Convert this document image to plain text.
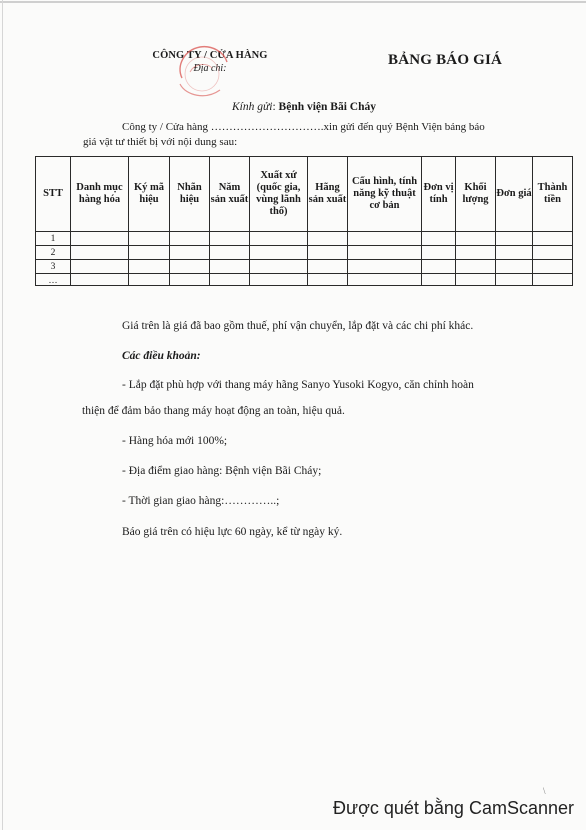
CÔNG TY / CỬA HÀNG
Địa chỉ:
BẢNG BÁO GIÁ
Kính gửi: Bệnh viện Bãi Cháy
Công ty / Cửa hàng ………………………….xin gửi đến quý Bệnh Viện bảng báo
giá vật tư thiết bị với nội dung sau:
STT	Danh mục hàng hóa	Ký mã hiệu	Nhãn hiệu	Năm sản xuất	Xuất xứ (quốc gia, vùng lãnh thổ)	Hãng sản xuất	Cấu hình, tính năng kỹ thuật cơ bản	Đơn vị tính	Khối lượng	Đơn giá	Thành tiền
1											
2											
3											
…											
Giá trên là giá đã bao gồm thuế, phí vận chuyển, lắp đặt và các chi phí khác.
Các điều khoản:
- Lắp đặt phù hợp với thang máy hãng Sanyo Yusoki Kogyo, căn chỉnh hoàn
thiện để đảm bảo thang máy hoạt động an toàn, hiệu quả.
- Hàng hóa mới 100%;
- Địa điểm giao hàng: Bệnh viện Bãi Cháy;
- Thời gian giao hàng:…………..;
Báo giá trên có hiệu lực 60 ngày, kể từ ngày ký.
\
Được quét bằng CamScanner
